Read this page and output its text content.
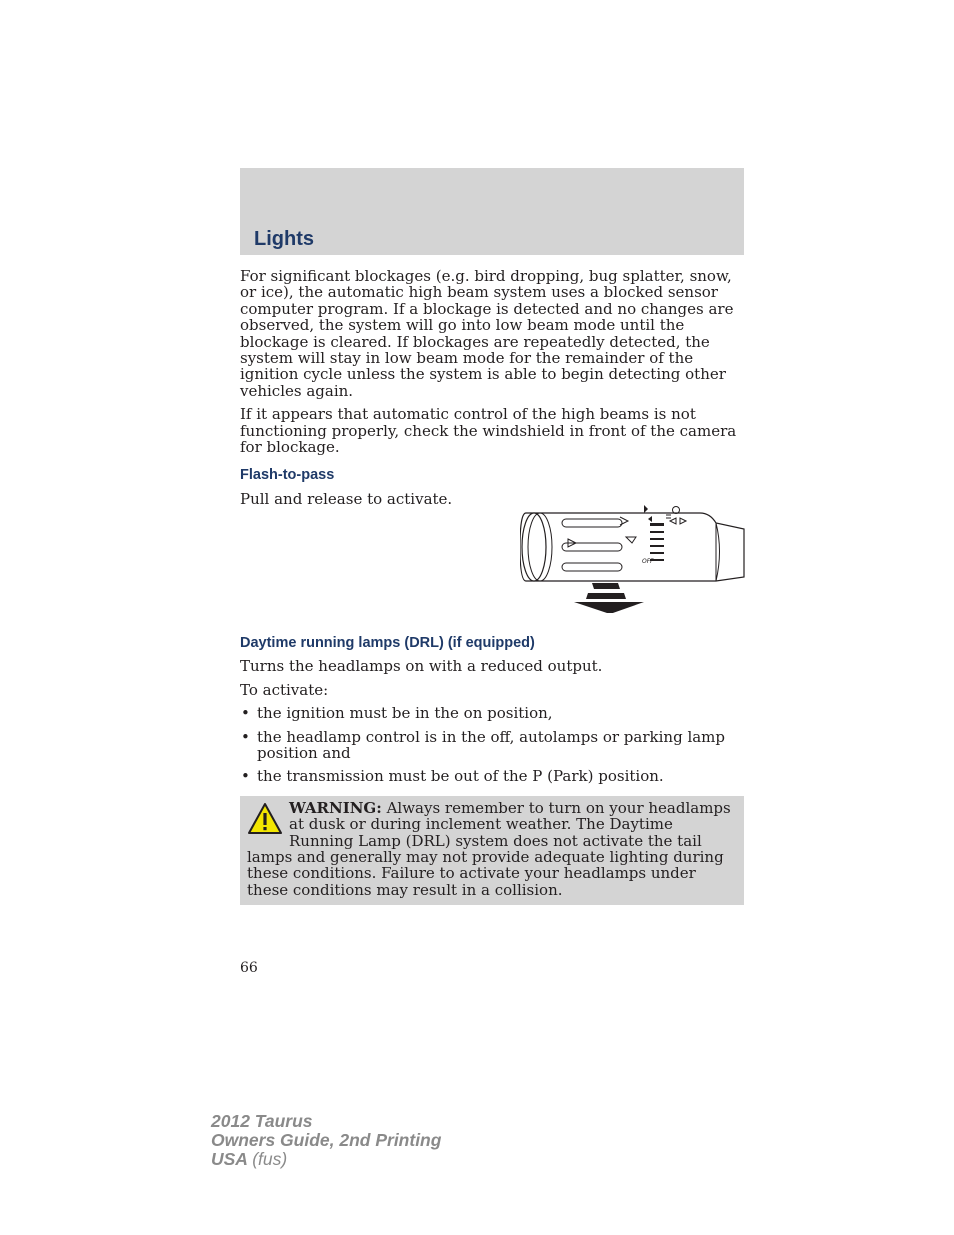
Lights

For significant blockages (e.g. bird dropping, bug splatter, snow, or ice), the automatic high beam system uses a blocked sensor computer program. If a blockage is detected and no changes are observed, the system will go into low beam mode until the blockage is cleared. If blockages are repeatedly detected, the system will stay in low beam mode for the remainder of the ignition cycle unless the system is able to begin detecting other vehicles again.

If it appears that automatic control of the high beams is not functioning properly, check the windshield in front of the camera for blockage.

Flash-to-pass

Pull and release to activate.

OFF
Daytime running lamps (DRL) (if equipped)

Turns the headlamps on with a reduced output.

To activate:

• the ignition must be in the on position,
• the headlamp control is in the off, autolamps or parking lamp position and
• the transmission must be out of the P (Park) position.
WARNING: Always remember to turn on your headlamps at dusk or during inclement weather. The Daytime Running Lamp (DRL) system does not activate the tail lamps and generally may not provide adequate lighting during these conditions. Failure to activate your headlamps under these conditions may result in a collision.
66
2012 Taurus
Owners Guide, 2nd Printing
USA (fus)
